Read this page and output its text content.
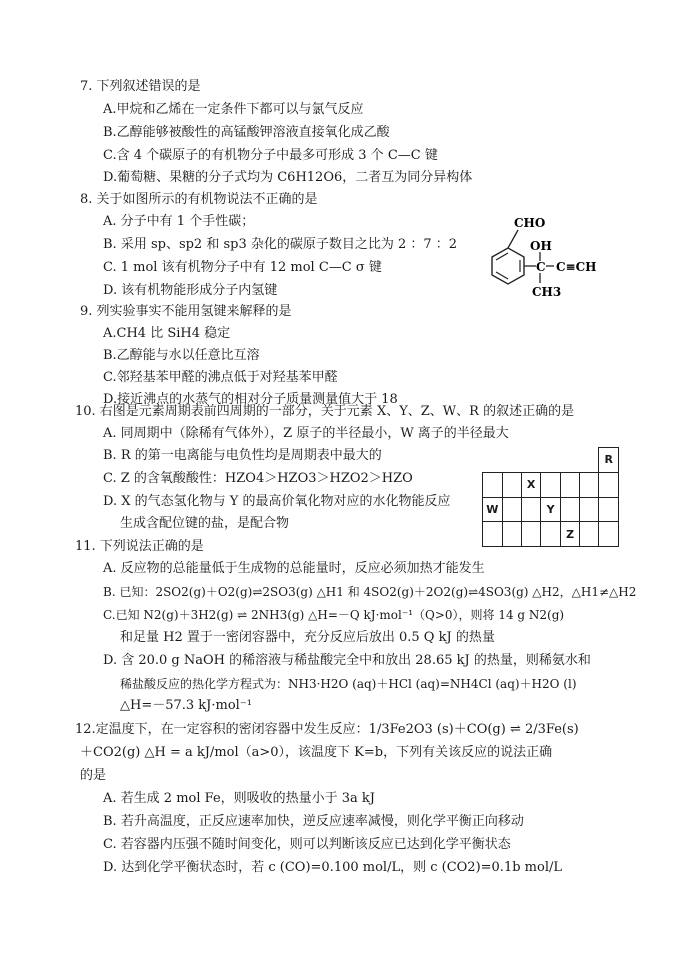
7. 下列叙述错误的是
A.甲烷和乙烯在一定条件下都可以与氯气反应
B.乙醇能够被酸性的高锰酸钾溶液直接氧化成乙酸
C.含 4 个碳原子的有机物分子中最多可形成 3 个 C—C 键
D.葡萄糖、果糖的分子式均为 C6H12O6，二者互为同分异构体
8. 关于如图所示的有机物说法不正确的是
A. 分子中有 1 个手性碳；
B. 采用 sp、sp2 和 sp3 杂化的碳原子数目之比为 2 ：7 ：2
C. 1 mol 该有机物分子中有 12 mol C—C σ 键
D. 该有机物能形成分子内氢键
CHO
OH
C C≡CH
CH3
9. 列实验事实不能用氢键来解释的是
A.CH4 比 SiH4 稳定
B.乙醇能与水以任意比互溶
C.邻羟基苯甲醛的沸点低于对羟基苯甲醛
D.接近沸点的水蒸气的相对分子质量测量值大于 18
10. 右图是元素周期表前四周期的一部分，关于元素 X、Y、Z、W、R 的叙述正确的是
A. 同周期中（除稀有气体外），Z 原子的半径最小，W 离子的半径最大
B. R 的第一电离能与电负性均是周期表中最大的
C. Z 的含氧酸酸性：HZO4＞HZO3＞HZO2＞HZO
D. X 的气态氢化物与 Y 的最高价氧化物对应的水化物能反应
生成含配位键的盐，是配合物
						R
		X				
W			Y			
				Z		
11. 下列说法正确的是
A. 反应物的总能量低于生成物的总能量时，反应必须加热才能发生
B. 已知：2SO2(g)＋O2(g)⇌2SO3(g) △H1 和 4SO2(g)＋2O2(g)⇌4SO3(g) △H2，△H1≠△H2
C.已知 N2(g)＋3H2(g) ⇌ 2NH3(g) △H=－Q kJ·mol⁻¹（Q>0），则将 14 g N2(g)
和足量 H2 置于一密闭容器中，充分反应后放出 0.5 Q kJ 的热量
D. 含 20.0 g NaOH 的稀溶液与稀盐酸完全中和放出 28.65 kJ 的热量，则稀氨水和
稀盐酸反应的热化学方程式为：NH3·H2O (aq)＋HCl (aq)=NH4Cl (aq)＋H2O (l)
△H=－57.3 kJ·mol⁻¹
12.定温度下，在一定容积的密闭容器中发生反应：1/3Fe2O3 (s)＋CO(g) ⇌ 2/3Fe(s)
＋CO2(g) △H = a kJ/mol（a>0），该温度下 K=b，下列有关该反应的说法正确
的是
A. 若生成 2 mol Fe，则吸收的热量小于 3a kJ
B. 若升高温度，正反应速率加快，逆反应速率减慢，则化学平衡正向移动
C. 若容器内压强不随时间变化，则可以判断该反应已达到化学平衡状态
D. 达到化学平衡状态时，若 c (CO)=0.100 mol/L，则 c (CO2)=0.1b mol/L
